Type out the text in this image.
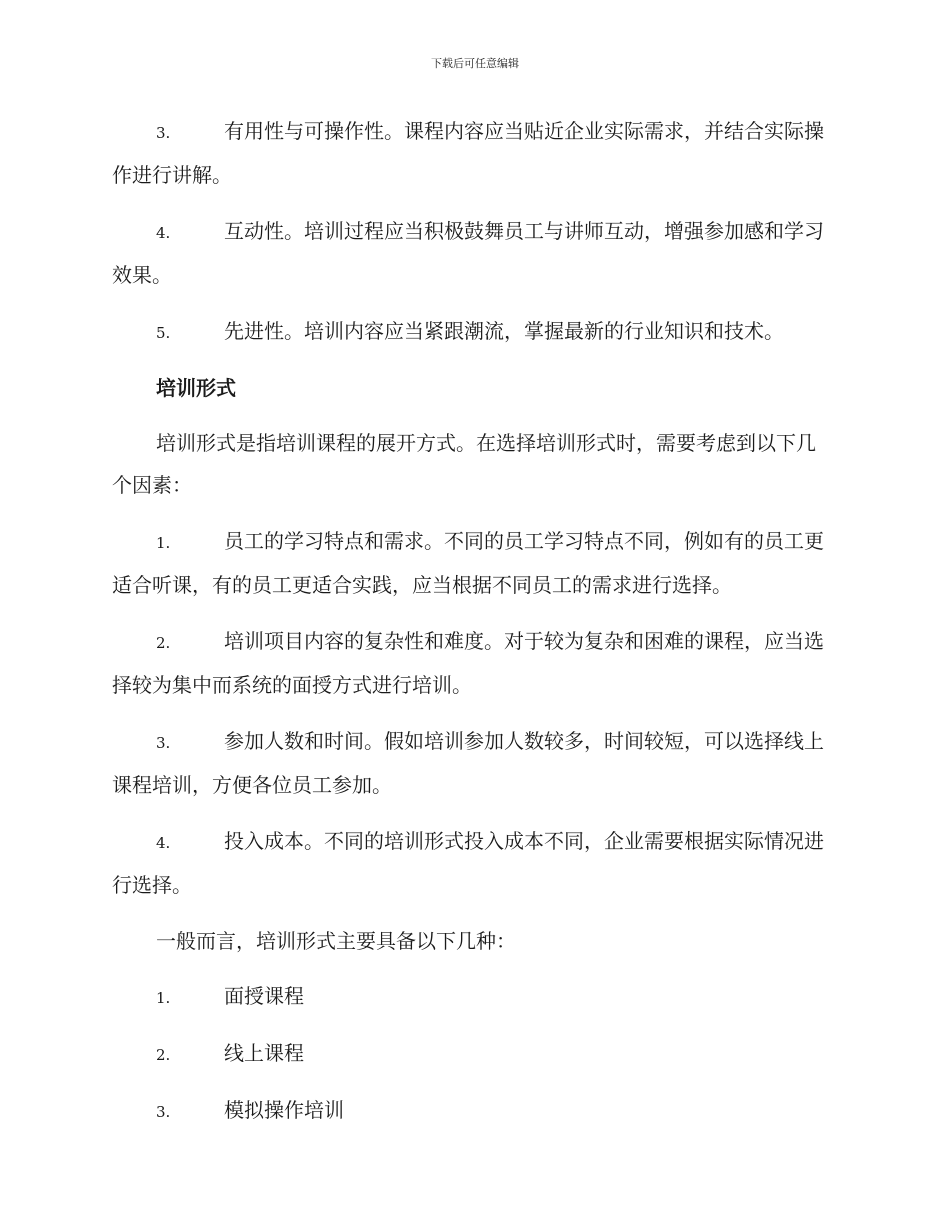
下载后可任意编辑
3.	有用性与可操作性。课程内容应当贴近企业实际需求，并结合实际操作进行讲解。
4.	互动性。培训过程应当积极鼓舞员工与讲师互动，增强参加感和学习效果。
5.	先进性。培训内容应当紧跟潮流，掌握最新的行业知识和技术。
培训形式
培训形式是指培训课程的展开方式。在选择培训形式时，需要考虑到以下几个因素：
1.	员工的学习特点和需求。不同的员工学习特点不同，例如有的员工更适合听课，有的员工更适合实践，应当根据不同员工的需求进行选择。
2.	培训项目内容的复杂性和难度。对于较为复杂和困难的课程，应当选择较为集中而系统的面授方式进行培训。
3.	参加人数和时间。假如培训参加人数较多，时间较短，可以选择线上课程培训，方便各位员工参加。
4.	投入成本。不同的培训形式投入成本不同，企业需要根据实际情况进行选择。
一般而言，培训形式主要具备以下几种：
1.	面授课程
2.	线上课程
3.	模拟操作培训
